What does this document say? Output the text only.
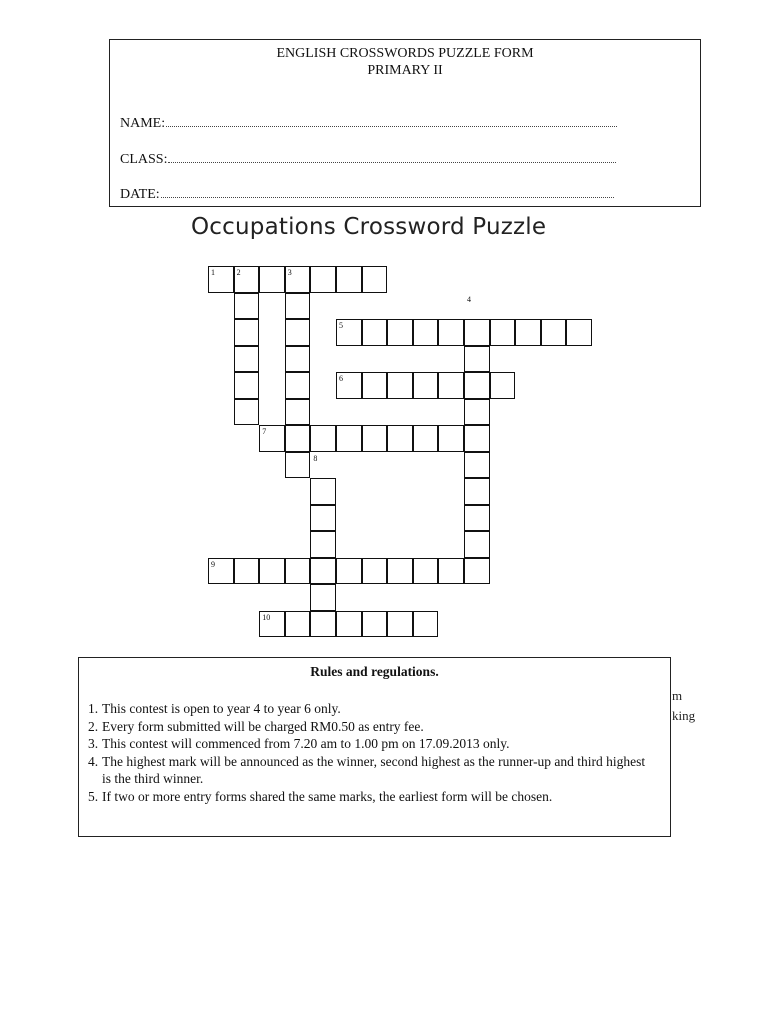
ENGLISH CROSSWORDS PUZZLE FORM
PRIMARY II
NAME:
CLASS:
DATE:
Occupations Crossword Puzzle
1	2	3
4
5
6
7
8
9
10
m
king
Rules and regulations.
1. This contest is open to year 4 to year 6 only.
2. Every form submitted will be charged RM0.50 as entry fee.
3. This contest will commenced from 7.20 am to 1.00 pm on 17.09.2013 only.
4. The highest mark will be announced as the winner, second highest as the runner-up and third highest is the third winner.
5. If two or more entry forms shared the same marks, the earliest form will be chosen.
